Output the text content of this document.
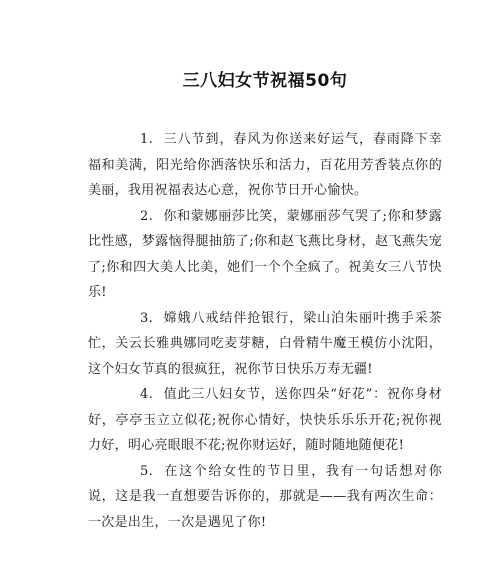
三八妇女节祝福50句

1. 三八节到，春风为你送来好运气，春雨降下幸福和美满，阳光给你洒落快乐和活力，百花用芳香装点你的美丽，我用祝福表达心意，祝你节日开心愉快。

2. 你和蒙娜丽莎比笑，蒙娜丽莎气哭了;你和梦露比性感，梦露恼得腿抽筋了;你和赵飞燕比身材，赵飞燕失宠了;你和四大美人比美，她们一个个全疯了。祝美女三八节快乐!

3. 嫦娥八戒结伴抢银行，梁山泊朱丽叶携手采茶忙，关云长雅典娜同吃麦芽糖，白骨精牛魔王模仿小沈阳，这个妇女节真的很疯狂，祝你节日快乐万寿无疆!

4. 值此三八妇女节，送你四朵“好花”：祝你身材好，亭亭玉立立似花;祝你心情好，快快乐乐乐开花;祝你视力好，明心亮眼眼不花;祝你财运好，随时随地随便花!

5. 在这个给女性的节日里，我有一句话想对你说，这是我一直想要告诉你的，那就是——我有两次生命：一次是出生，一次是遇见了你!
